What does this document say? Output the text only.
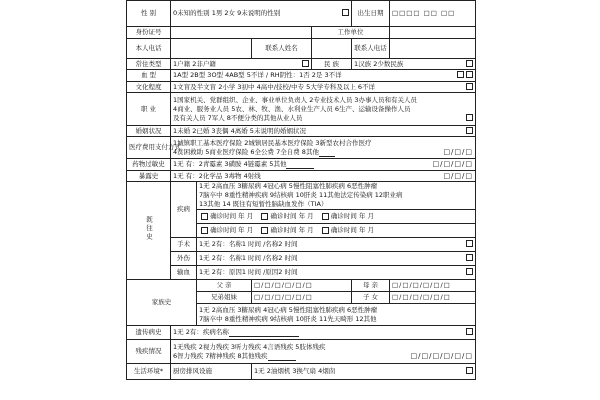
性 别	0未知的性别 1男 2女 9未说明的性别				出生日期	□□□□ □□ □□
身份证号				工作单位		
本人电话			联系人姓名		联系人电话	
常住类型	1户籍 2非户籍			民 族	1汉族 2少数民族	

血 型	1A型 2B型 3O型 4AB型 5不详 / RH阴性：1否 2是 3不详					

文化程度	1文盲及半文盲 2小学 3初中 4高中/技校/中专 5大学专科及以上 6不详					

职 业	1国家机关、党群组织、企业、事业单位负责人 2专业技术人员 3办事人员和有关人员
4商业、服务业人员 5农、林、牧、渔、水利业生产人员 6生产、运输设备操作人员
及有关人员 7军人 8不便分类的其他从业人员					

婚姻状况	1未婚 2已婚 3丧偶 4离婚 5未说明的婚姻状况					

医疗费用支付方式	1城镇职工基本医疗保险 2城镇居民基本医疗保险 3新型农村合作医疗
4贫困救助 5商业医疗保险 6全公费 7全自费 8其他 □/□/□					

药物过敏史	1无 有：2青霉素 3磺胺 4链霉素 5其他 □/□/□/□					

暴露史	1无 有：2化学品 3毒物 4射线 □/□/□					

既往史	疾病	1无 2高血压 3糖尿病 4冠心病 5慢性阻塞性肺疾病 6恶性肿瘤
7脑卒中 8重性精神疾病 9结核病 10肝炎 11其他法定传染病 12职业病
13其他 14 既往有短暂性脑缺血发作（TIA）				

		确诊时间 年 月 确诊时间 年 月 确诊时间 年 月				
		确诊时间 年 月 确诊时间 年 月 确诊时间 年 月				
	手术	1无 2有：名称1 时间 /名称2 时间				

	外伤	1无 2有：名称1 时间 /名称2 时间				

	输血	1无 2有：原因1 时间 /原因2 时间				

家族史		父 亲	□/□/□/□/□/□		母 亲	□/□/□/□/□/□
		兄弟姐妹	□/□/□/□/□/□		子 女	□/□/□/□/□/□

		1无 2高血压 3糖尿病 4冠心病 5慢性阻塞性肺疾病 6恶性肿瘤
7脑卒中 8重性精神疾病 9结核病 10肝炎 11先天畸形 12其他				

遗传病史	1无 2有：疾病名称					

残疾情况	1无残疾 2视力残疾 3听力残疾 4言语残疾 5肢体残疾
6智力残疾 7精神残疾 8其他残疾 □/□/□/□/□/□					

生活环境*	厨房排风设施		1无 2油烟机 3换气扇 4烟囱			
